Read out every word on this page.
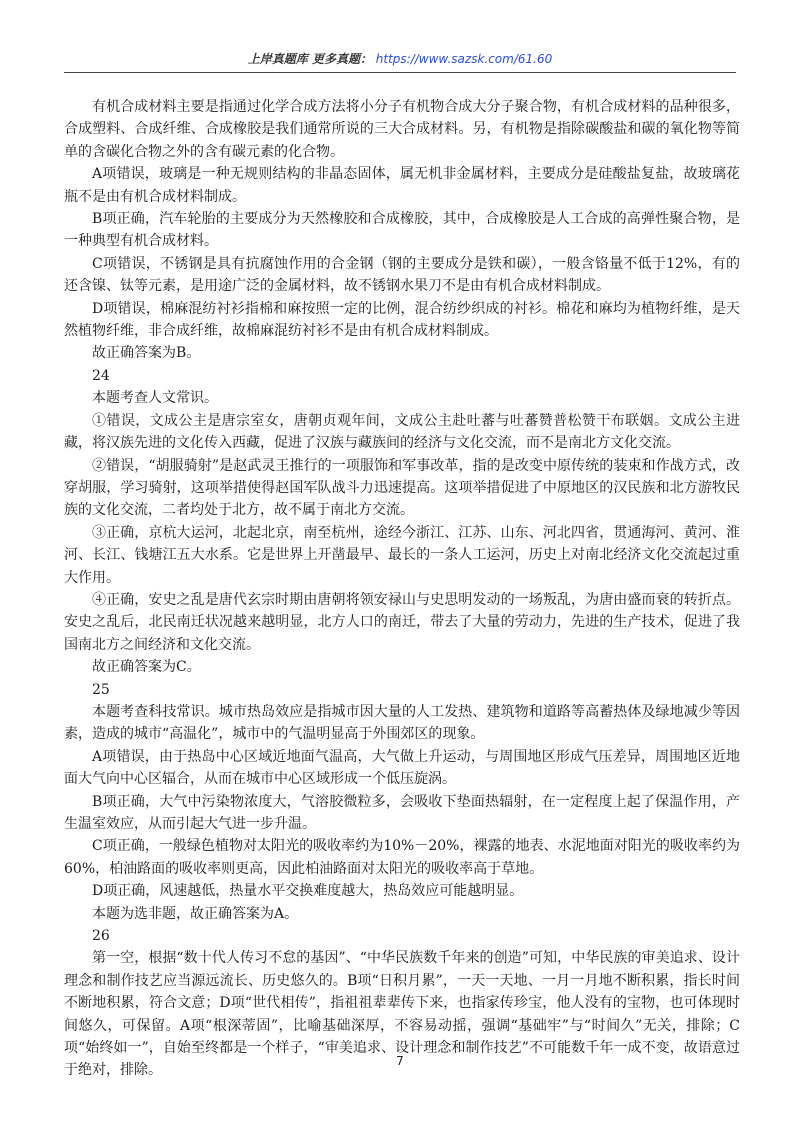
上岸真题库 更多真题： https://www.sazsk.com/61.60

有机合成材料主要是指通过化学合成方法将小分子有机物合成大分子聚合物，有机合成材料的品种很多，合成塑料、合成纤维、合成橡胶是我们通常所说的三大合成材料。另，有机物是指除碳酸盐和碳的氧化物等简单的含碳化合物之外的含有碳元素的化合物。

A项错误，玻璃是一种无规则结构的非晶态固体，属无机非金属材料，主要成分是硅酸盐复盐，故玻璃花瓶不是由有机合成材料制成。

B项正确，汽车轮胎的主要成分为天然橡胶和合成橡胶，其中，合成橡胶是人工合成的高弹性聚合物，是一种典型有机合成材料。

C项错误，不锈钢是具有抗腐蚀作用的合金钢（钢的主要成分是铁和碳），一般含铬量不低于12%，有的还含镍、钛等元素，是用途广泛的金属材料，故不锈钢水果刀不是由有机合成材料制成。

D项错误，棉麻混纺衬衫指棉和麻按照一定的比例，混合纺纱织成的衬衫。棉花和麻均为植物纤维，是天然植物纤维，非合成纤维，故棉麻混纺衬衫不是由有机合成材料制成。

故正确答案为B。

24

本题考查人文常识。

①错误，文成公主是唐宗室女，唐朝贞观年间，文成公主赴吐蕃与吐蕃赞普松赞干布联姻。文成公主进藏，将汉族先进的文化传入西藏，促进了汉族与藏族间的经济与文化交流，而不是南北方文化交流。

②错误，“胡服骑射”是赵武灵王推行的一项服饰和军事改革，指的是改变中原传统的装束和作战方式，改穿胡服，学习骑射，这项举措使得赵国军队战斗力迅速提高。这项举措促进了中原地区的汉民族和北方游牧民族的文化交流，二者均处于北方，故不属于南北方交流。

③正确，京杭大运河，北起北京，南至杭州，途经今浙江、江苏、山东、河北四省，贯通海河、黄河、淮河、长江、钱塘江五大水系。它是世界上开凿最早、最长的一条人工运河，历史上对南北经济文化交流起过重大作用。

④正确，安史之乱是唐代玄宗时期由唐朝将领安禄山与史思明发动的一场叛乱，为唐由盛而衰的转折点。安史之乱后，北民南迁状况越来越明显，北方人口的南迁，带去了大量的劳动力，先进的生产技术，促进了我国南北方之间经济和文化交流。

故正确答案为C。

25

本题考查科技常识。城市热岛效应是指城市因大量的人工发热、建筑物和道路等高蓄热体及绿地减少等因素，造成的城市“高温化”，城市中的气温明显高于外围郊区的现象。

A项错误，由于热岛中心区域近地面气温高，大气做上升运动，与周围地区形成气压差异，周围地区近地面大气向中心区辐合，从而在城市中心区域形成一个低压旋涡。

B项正确，大气中污染物浓度大，气溶胶微粒多，会吸收下垫面热辐射，在一定程度上起了保温作用，产生温室效应，从而引起大气进一步升温。

C项正确，一般绿色植物对太阳光的吸收率约为10%－20%，裸露的地表、水泥地面对阳光的吸收率约为60%，柏油路面的吸收率则更高，因此柏油路面对太阳光的吸收率高于草地。

D项正确，风速越低，热量水平交换难度越大，热岛效应可能越明显。

本题为选非题，故正确答案为A。

26

第一空，根据“数十代人传习不怠的基因”、“中华民族数千年来的创造”可知，中华民族的审美追求、设计理念和制作技艺应当源远流长、历史悠久的。B项“日积月累”，一天一天地、一月一月地不断积累，指长时间不断地积累，符合文意；D项“世代相传”，指祖祖辈辈传下来，也指家传珍宝，他人没有的宝物，也可体现时间悠久，可保留。A项“根深蒂固”，比喻基础深厚，不容易动摇，强调“基础牢”与“时间久”无关，排除；C项“始终如一”，自始至终都是一个样子，“审美追求、设计理念和制作技艺”不可能数千年一成不变，故语意过于绝对，排除。

7
